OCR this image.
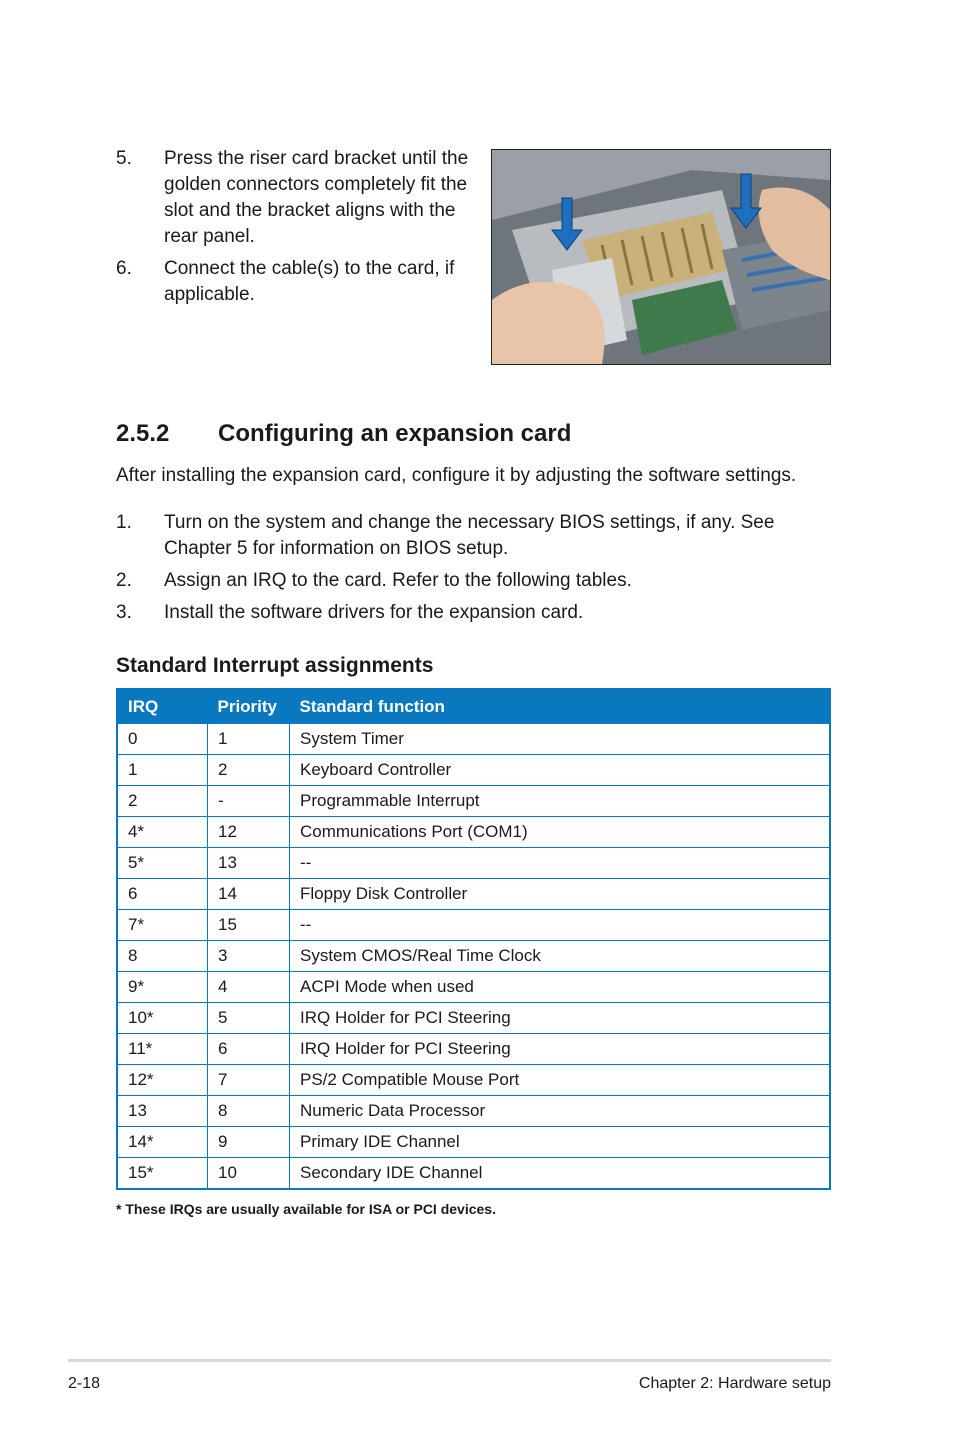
5.	Press the riser card bracket until the golden connectors completely fit the slot and the bracket aligns with the rear panel.
6.	Connect the cable(s) to the card, if applicable.
2.5.2	Configuring an expansion card
After installing the expansion card, configure it by adjusting the software settings.
1.	Turn on the system and change the necessary BIOS settings, if any. See Chapter 5 for information on BIOS setup.
2.	Assign an IRQ to the card. Refer to the following tables.
3.	Install the software drivers for the expansion card.
Standard Interrupt assignments
IRQ	Priority	Standard function
0	1	System Timer
1	2	Keyboard Controller
2	-	Programmable Interrupt
4*	12	Communications Port (COM1)
5*	13	--
6	14	Floppy Disk Controller
7*	15	--
8	3	System CMOS/Real Time Clock
9*	4	ACPI Mode when used
10*	5	IRQ Holder for PCI Steering
11*	6	IRQ Holder for PCI Steering
12*	7	PS/2 Compatible Mouse Port
13	8	Numeric Data Processor
14*	9	Primary IDE Channel
15*	10	Secondary IDE Channel
* These IRQs are usually available for ISA or PCI devices.
2-18	Chapter 2: Hardware setup
